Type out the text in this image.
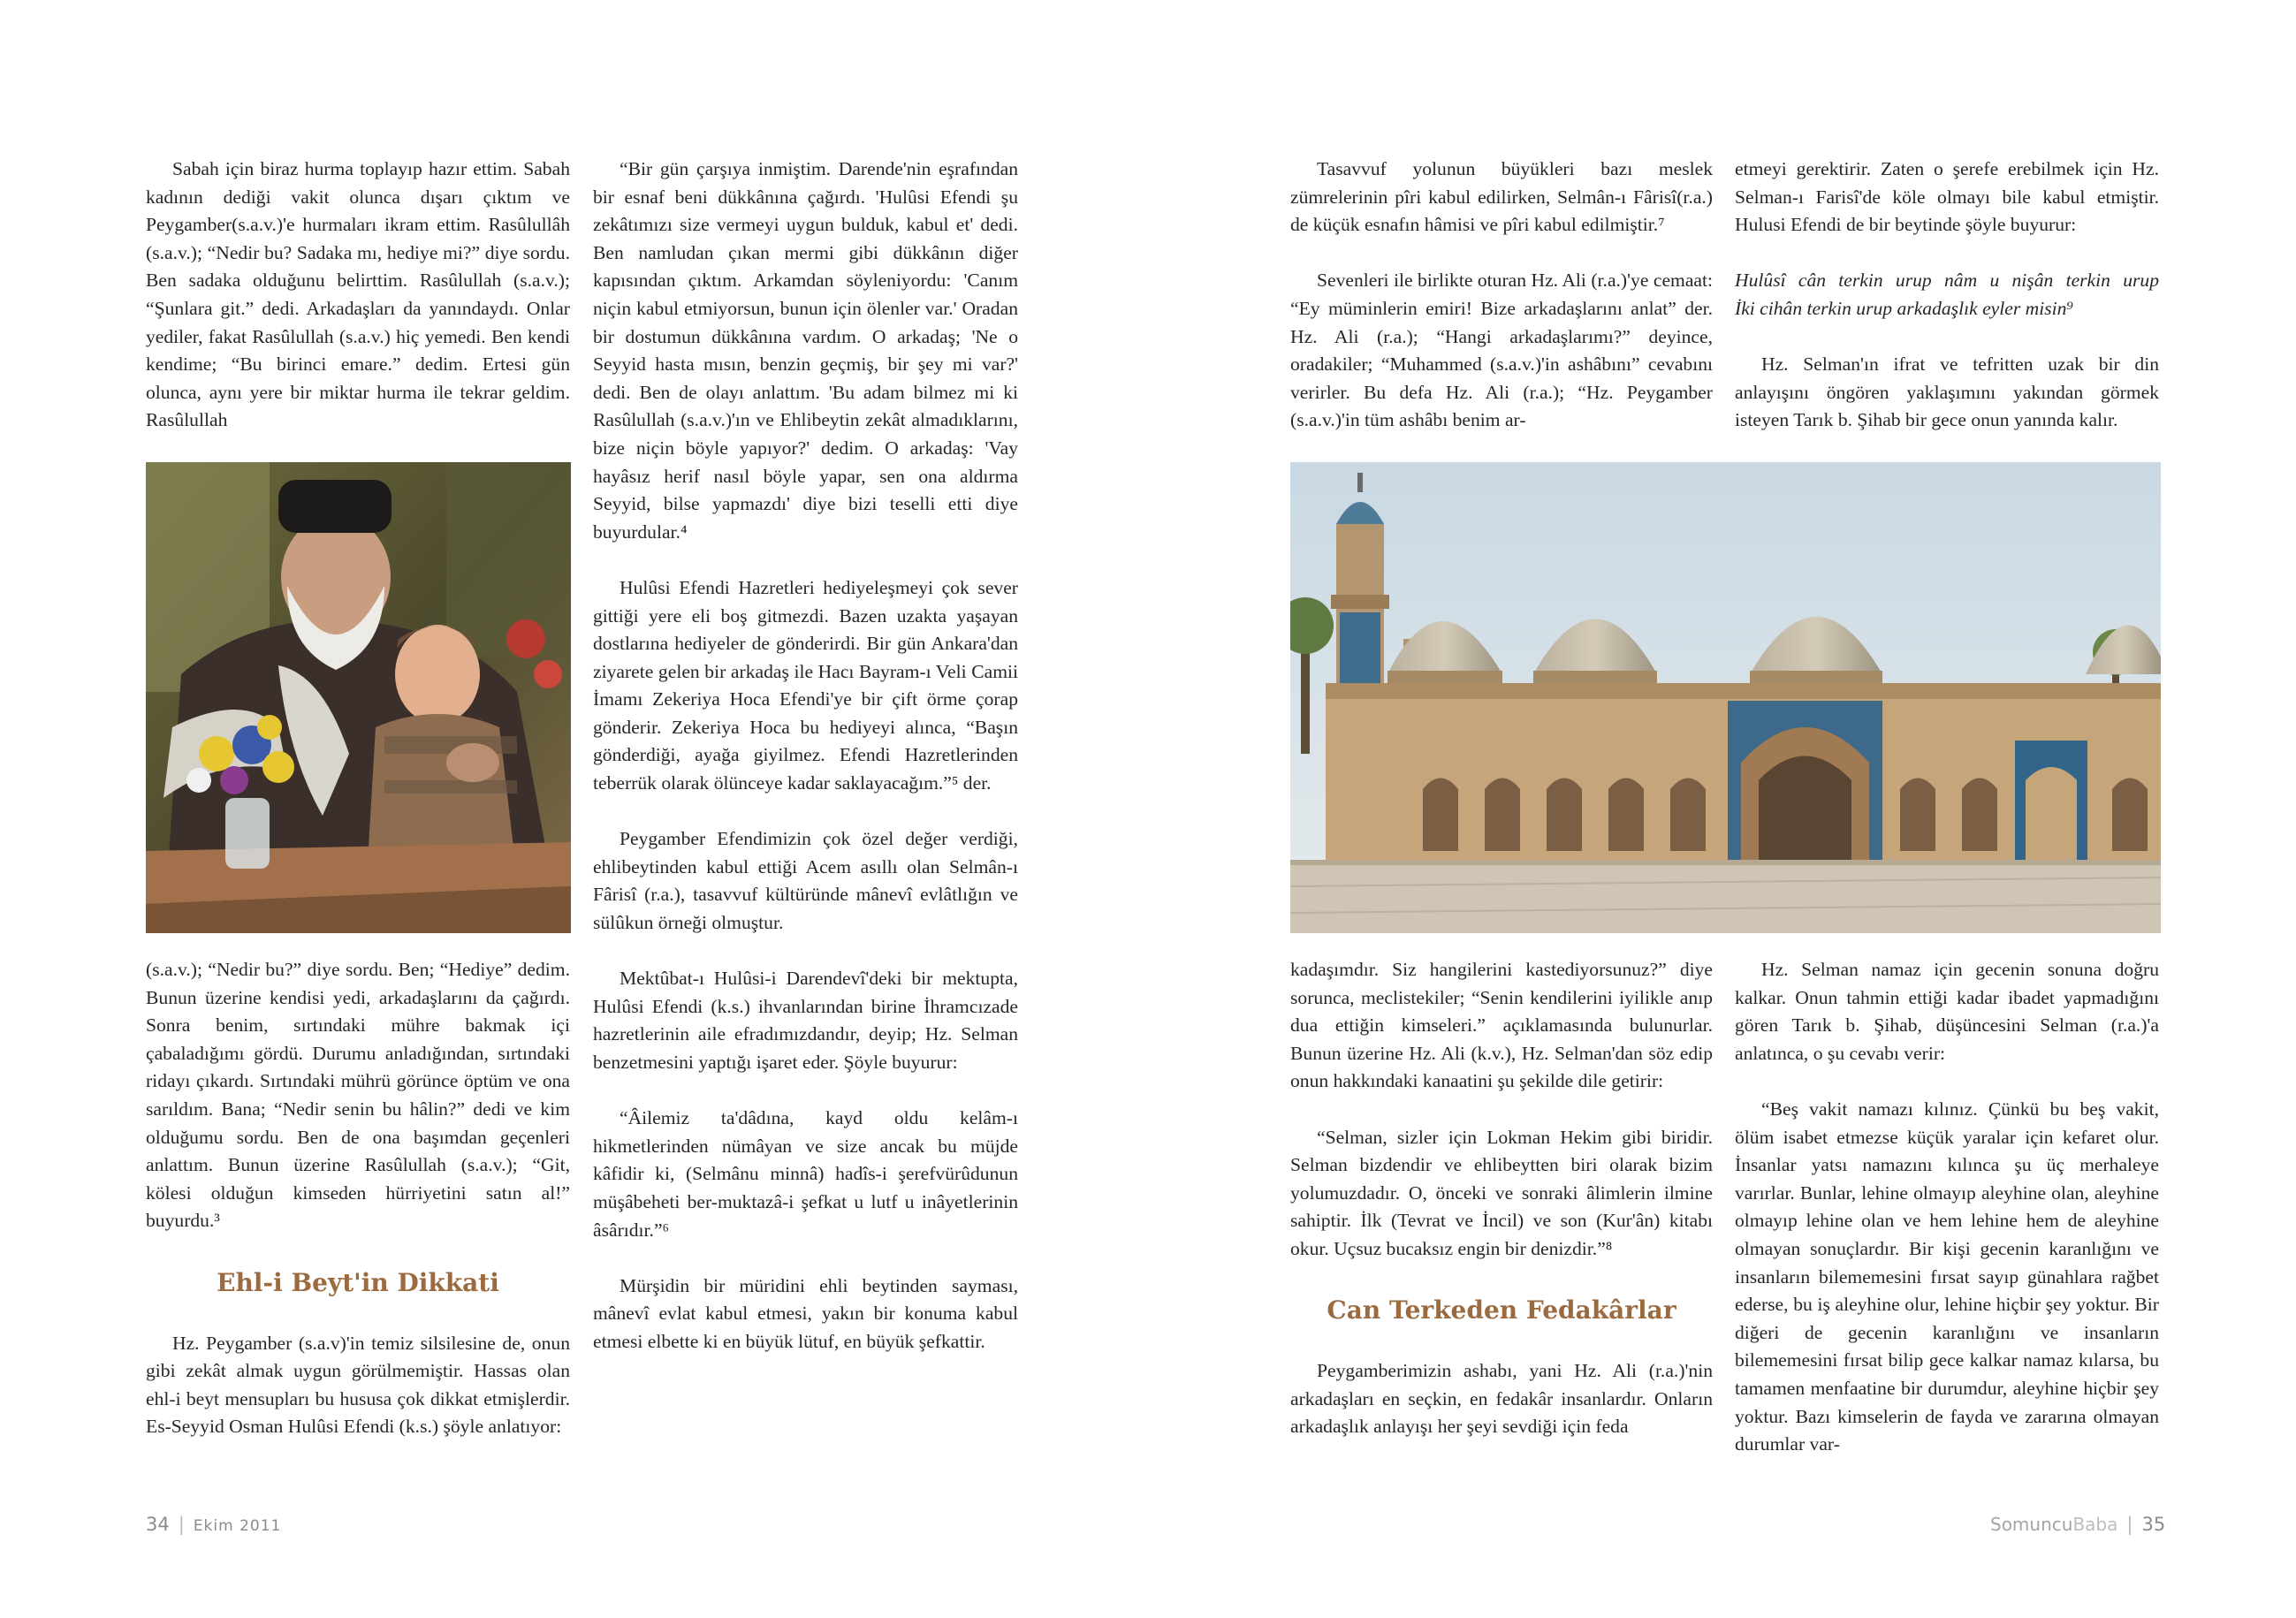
Sabah için biraz hurma toplayıp hazır ettim. Sabah kadının dediği vakit olunca dışarı çıktım ve Peygamber(s.a.v.)'e hurmaları ikram ettim. Rasûlullâh (s.a.v.); “Nedir bu? Sadaka mı, hediye mi?” diye sordu. Ben sadaka olduğunu belirttim. Rasûlullah (s.a.v.); “Şunlara git.” dedi. Arkadaşları da yanındaydı. Onlar yediler, fakat Rasûlullah (s.a.v.) hiç yemedi. Ben kendi kendime; “Bu birinci emare.” dedim. Ertesi gün olunca, aynı yere bir miktar hurma ile tekrar geldim. Rasûlullah

(s.a.v.); “Nedir bu?” diye sordu. Ben; “Hediye” dedim. Bunun üzerine kendisi yedi, arkadaşlarını da çağırdı. Sonra benim, sırtındaki mühre bakmak içi çabaladığımı gördü. Durumu anladığından, sırtındaki ridayı çıkardı. Sırtındaki mührü görünce öptüm ve ona sarıldım. Bana; “Nedir senin bu hâlin?” dedi ve kim olduğumu sordu. Ben de ona başımdan geçenleri anlattım. Bunun üzerine Rasûlullah (s.a.v.); “Git, kölesi olduğun kimseden hürriyetini satın al!” buyurdu.³

Ehl-i Beyt'in Dikkati

Hz. Peygamber (s.a.v)'in temiz silsilesine de, onun gibi zekât almak uygun görülmemiştir. Hassas olan ehl-i beyt mensupları bu hususa çok dikkat etmişlerdir. Es-Seyyid Osman Hulûsi Efendi (k.s.) şöyle anlatıyor:

“Bir gün çarşıya inmiştim. Darende'nin eşrafından bir esnaf beni dükkânına çağırdı. 'Hulûsi Efendi şu zekâtımızı size vermeyi uygun bulduk, kabul et' dedi. Ben namludan çıkan mermi gibi dükkânın diğer kapısından çıktım. Arkamdan söyleniyordu: 'Canım niçin kabul etmiyorsun, bunun için ölenler var.' Oradan bir dostumun dükkânına vardım. O arkadaş; 'Ne o Seyyid hasta mısın, benzin geçmiş, bir şey mi var?' dedi. Ben de olayı anlattım. 'Bu adam bilmez mi ki Rasûlullah (s.a.v.)'ın ve Ehlibeytin zekât almadıklarını, bize niçin böyle yapıyor?' dedim. O arkadaş: 'Vay hayâsız herif nasıl böyle yapar, sen ona aldırma Seyyid, bilse yapmazdı' diye bizi teselli etti diye buyurdular.⁴

Hulûsi Efendi Hazretleri hediyeleşmeyi çok sever gittiği yere eli boş gitmezdi. Bazen uzakta yaşayan dostlarına hediyeler de gönderirdi. Bir gün Ankara'dan ziyarete gelen bir arkadaş ile Hacı Bayram-ı Veli Camii İmamı Zekeriya Hoca Efendi'ye bir çift örme çorap gönderir. Zekeriya Hoca bu hediyeyi alınca, “Başın gönderdiği, ayağa giyilmez. Efendi Hazretlerinden teberrük olarak ölünceye kadar saklayacağım.”⁵ der.

Peygamber Efendimizin çok özel değer verdiği, ehlibeytinden kabul ettiği Acem asıllı olan Selmân-ı Fârisî (r.a.), tasavvuf kültüründe mânevî evlâtlığın ve sülûkun örneği olmuştur.

Mektûbat-ı Hulûsi-i Darendevî'deki bir mektupta, Hulûsi Efendi (k.s.) ihvanlarından birine İhramcızade hazretlerinin aile efradımızdandır, deyip; Hz. Selman benzetmesini yaptığı işaret eder. Şöyle buyurur:

“Âilemiz ta'dâdına, kayd oldu kelâm-ı hikmetlerinden nümâyan ve size ancak bu müjde kâfidir ki, (Selmânu minnâ) hadîs-i şerefvürûdunun müşâbeheti ber-muktazâ-i şefkat u lutf u inâyetlerinin âsârıdır.”⁶

Mürşidin bir müridini ehli beytinden sayması, mânevî evlat kabul etmesi, yakın bir konuma kabul etmesi elbette ki en büyük lütuf, en büyük şefkattir.

34 | Ekim 2011

Tasavvuf yolunun büyükleri bazı meslek zümrelerinin pîri kabul edilirken, Selmân-ı Fârisî(r.a.) de küçük esnafın hâmisi ve pîri kabul edilmiştir.⁷

Sevenleri ile birlikte oturan Hz. Ali (r.a.)'ye cemaat: “Ey müminlerin emiri! Bize arkadaşlarını anlat” der. Hz. Ali (r.a.); “Hangi arkadaşlarımı?” deyince, oradakiler; “Muhammed (s.a.v.)'in ashâbını” cevabını verirler. Bu defa Hz. Ali (r.a.); “Hz. Peygamber (s.a.v.)'in tüm ashâbı benim ar-

etmeyi gerektirir. Zaten o şerefe erebilmek için Hz. Selman-ı Farisî'de köle olmayı bile kabul etmiştir. Hulusi Efendi de bir beytinde şöyle buyurur:

Hulûsî cân terkin urup nâm u nişân terkin urup
İki cihân terkin urup arkadaşlık eyler misin⁹

Hz. Selman'ın ifrat ve tefritten uzak bir din anlayışını öngören yaklaşımını yakından görmek isteyen Tarık b. Şihab bir gece onun yanında kalır.

kadaşımdır. Siz hangilerini kastediyorsunuz?” diye sorunca, meclistekiler; “Senin kendilerini iyilikle anıp dua ettiğin kimseleri.” açıklamasında bulunurlar. Bunun üzerine Hz. Ali (k.v.), Hz. Selman'dan söz edip onun hakkındaki kanaatini şu şekilde dile getirir:

“Selman, sizler için Lokman Hekim gibi biridir. Selman bizdendir ve ehlibeytten biri olarak bizim yolumuzdadır. O, önceki ve sonraki âlimlerin ilmine sahiptir. İlk (Tevrat ve İncil) ve son (Kur'ân) kitabı okur. Uçsuz bucaksız engin bir denizdir.”⁸

Can Terkeden Fedakârlar

Peygamberimizin ashabı, yani Hz. Ali (r.a.)'nin arkadaşları en seçkin, en fedakâr insanlardır. Onların arkadaşlık anlayışı her şeyi sevdiği için feda

Hz. Selman namaz için gecenin sonuna doğru kalkar. Onun tahmin ettiği kadar ibadet yapmadığını gören Tarık b. Şihab, düşüncesini Selman (r.a.)'a anlatınca, o şu cevabı verir:

“Beş vakit namazı kılınız. Çünkü bu beş vakit, ölüm isabet etmezse küçük yaralar için kefaret olur. İnsanlar yatsı namazını kılınca şu üç merhaleye varırlar. Bunlar, lehine olmayıp aleyhine olan, aleyhine olmayıp lehine olan ve hem lehine hem de aleyhine olmayan sonuçlardır. Bir kişi gecenin karanlığını ve insanların bilememesini fırsat sayıp günahlara rağbet ederse, bu iş aleyhine olur, lehine hiçbir şey yoktur. Bir diğeri de gecenin karanlığını ve insanların bilememesini fırsat bilip gece kalkar namaz kılarsa, bu tamamen menfaatine bir durumdur, aleyhine hiçbir şey yoktur. Bazı kimselerin de fayda ve zararına olmayan durumlar var-

SomuncuBaba | 35
